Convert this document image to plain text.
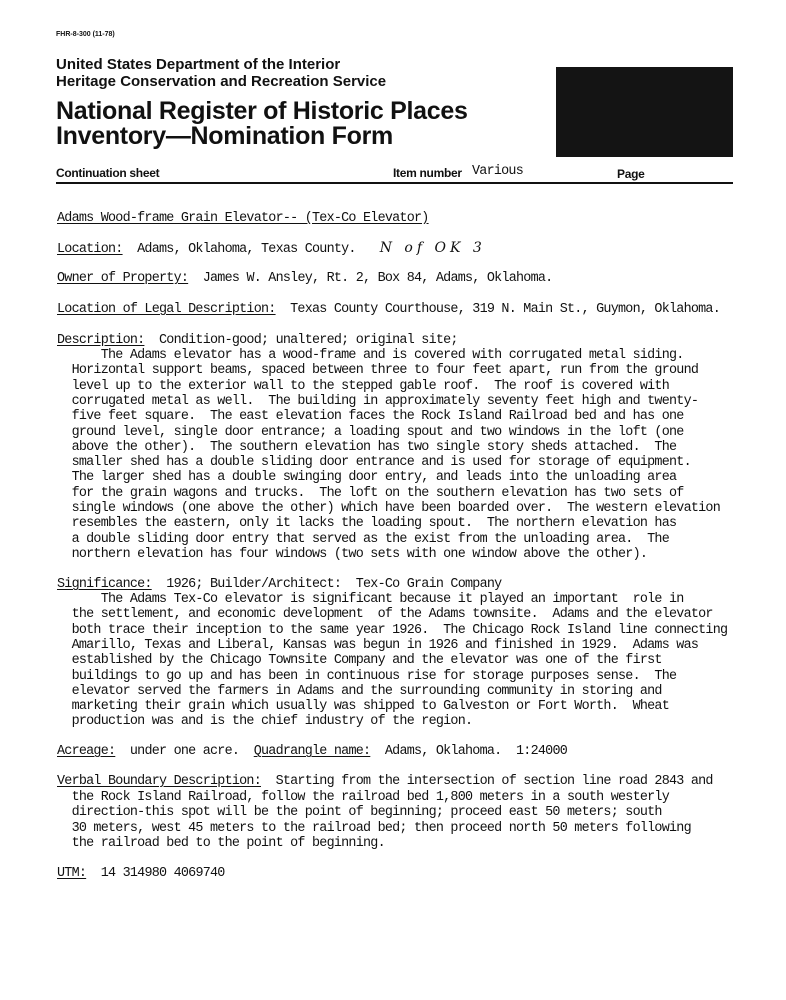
FHR-8-300 (11-78)
United States Department of the Interior
Heritage Conservation and Recreation Service
National Register of Historic Places
Inventory—Nomination Form
Continuation sheet	Item number Various	Page
Adams Wood-frame Grain Elevator-- (Tex-Co Elevator)
Location:  Adams, Oklahoma, Texas County. N of OK 3
Owner of Property:  James W. Ansley, Rt. 2, Box 84, Adams, Oklahoma.
Location of Legal Description:  Texas County Courthouse, 319 N. Main St., Guymon, Oklahoma.
Description:  Condition-good; unaltered; original site;
The Adams elevator has a wood-frame and is covered with corrugated metal siding.
Horizontal support beams, spaced between three to four feet apart, run from the ground
level up to the exterior wall to the stepped gable roof.  The roof is covered with
corrugated metal as well.  The building in approximately seventy feet high and twenty-
five feet square.  The east elevation faces the Rock Island Railroad bed and has one
ground level, single door entrance; a loading spout and two windows in the loft (one
above the other).  The southern elevation has two single story sheds attached.  The
smaller shed has a double sliding door entrance and is used for storage of equipment.
The larger shed has a double swinging door entry, and leads into the unloading area
for the grain wagons and trucks.  The loft on the southern elevation has two sets of
single windows (one above the other) which have been boarded over.  The western elevation
resembles the eastern, only it lacks the loading spout.  The northern elevation has
a double sliding door entry that served as the exist from the unloading area.  The
northern elevation has four windows (two sets with one window above the other).
Significance:  1926; Builder/Architect:  Tex-Co Grain Company
The Adams Tex-Co elevator is significant because it played an important  role in
the settlement, and economic development  of the Adams townsite.  Adams and the elevator
both trace their inception to the same year 1926.  The Chicago Rock Island line connecting
Amarillo, Texas and Liberal, Kansas was begun in 1926 and finished in 1929.  Adams was
established by the Chicago Townsite Company and the elevator was one of the first
buildings to go up and has been in continuous rise for storage purposes sense.  The
elevator served the farmers in Adams and the surrounding community in storing and
marketing their grain which usually was shipped to Galveston or Fort Worth.  Wheat
production was and is the chief industry of the region.
Acreage:  under one acre.  Quadrangle name:  Adams, Oklahoma.  1:24000
Verbal Boundary Description:  Starting from the intersection of section line road 2843 and
the Rock Island Railroad, follow the railroad bed 1,800 meters in a south westerly
direction-this spot will be the point of beginning; proceed east 50 meters; south
30 meters, west 45 meters to the railroad bed; then proceed north 50 meters following
the railroad bed to the point of beginning.
UTM:  14 314980 4069740
